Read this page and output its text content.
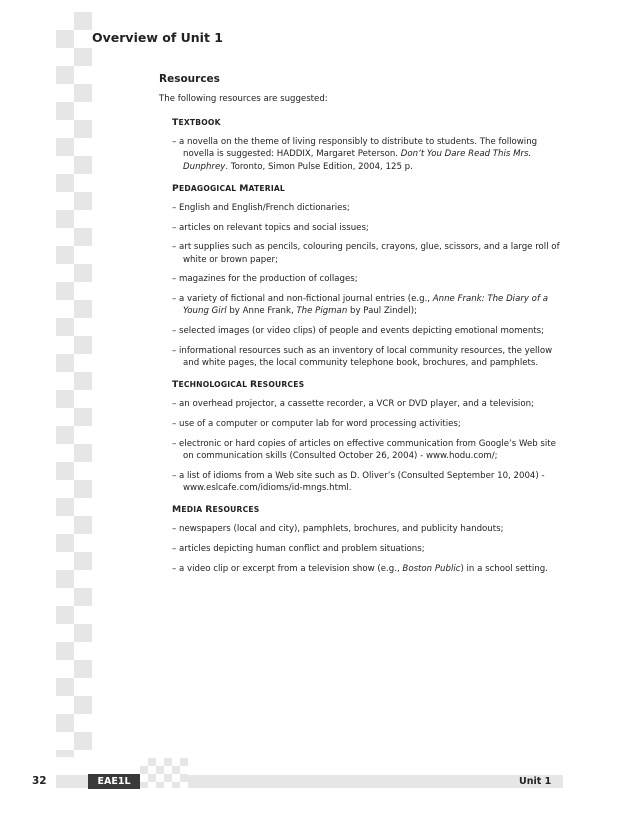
Overview of Unit 1
Resources
The following resources are suggested:
TEXTBOOK
– a novella on the theme of living responsibly to distribute to students. The following novella is suggested: HADDIX, Margaret Peterson. Don’t You Dare Read This Mrs. Dunphrey. Toronto, Simon Pulse Edition, 2004, 125 p.
PEDAGOGICAL MATERIAL
– English and English/French dictionaries;
– articles on relevant topics and social issues;
– art supplies such as pencils, colouring pencils, crayons, glue, scissors, and a large roll of white or brown paper;
– magazines for the production of collages;
– a variety of fictional and non-fictional journal entries (e.g., Anne Frank: The Diary of a Young Girl by Anne Frank, The Pigman by Paul Zindel);
– selected images (or video clips) of people and events depicting emotional moments;
– informational resources such as an inventory of local community resources, the yellow and white pages, the local community telephone book, brochures, and pamphlets.
TECHNOLOGICAL RESOURCES
– an overhead projector, a cassette recorder, a VCR or DVD player, and a television;
– use of a computer or computer lab for word processing activities;
– electronic or hard copies of articles on effective communication from Google’s Web site on communication skills (Consulted October 26, 2004) - www.hodu.com/;
– a list of idioms from a Web site such as D. Oliver’s (Consulted September 10, 2004) - www.eslcafe.com/idioms/id-mngs.html.
MEDIA RESOURCES
– newspapers (local and city), pamphlets, brochures, and publicity handouts;
– articles depicting human conflict and problem situations;
– a video clip or excerpt from a television show (e.g., Boston Public) in a school setting.
32	EAE1L	Unit 1
